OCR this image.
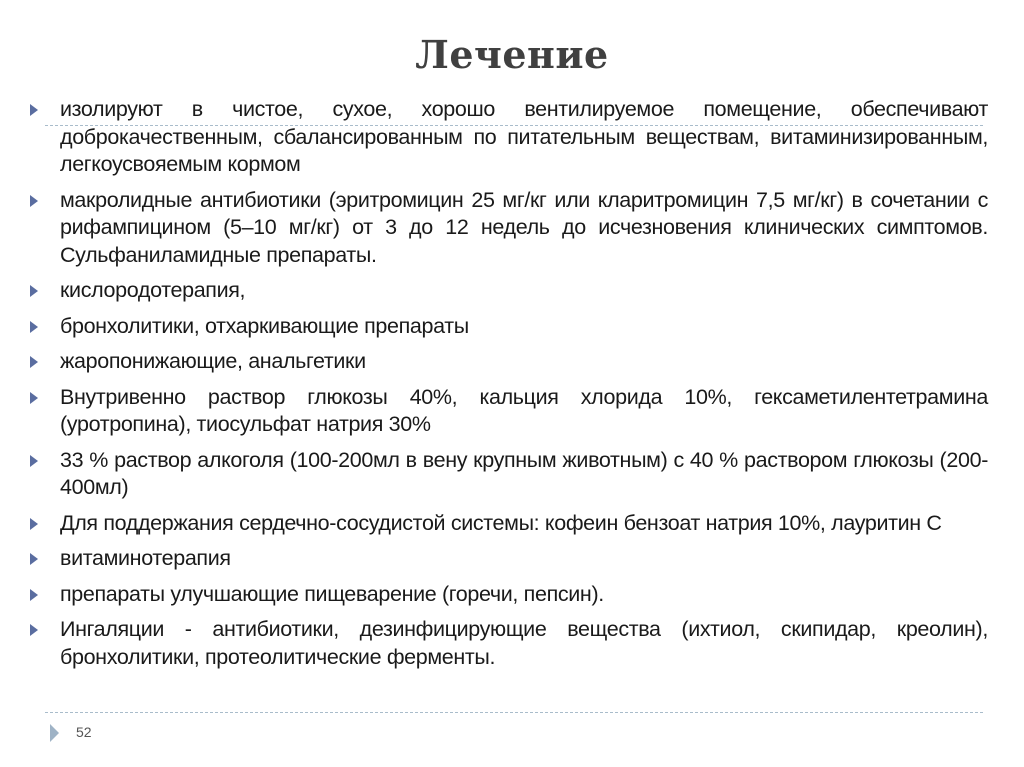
Лечение
изолируют в чистое, сухое, хорошо вентилируемое помещение, обеспечивают доброкачественным, сбалансированным по питательным веществам, витаминизированным, легкоусвояемым кормом
макролидные антибиотики (эритромицин 25 мг/кг или кларитромицин 7,5 мг/кг) в сочетании с рифампицином (5–10 мг/кг) от 3 до 12 недель до исчезновения клинических симптомов. Сульфаниламидные препараты.
кислородотерапия,
бронхолитики, отхаркивающие препараты
жаропонижающие, анальгетики
Внутривенно раствор глюкозы 40%, кальция хлорида 10%, гексаметилентетрамина (уротропина), тиосульфат натрия 30%
33 % раствор алкоголя (100-200мл в вену крупным животным) с 40 % раствором глюкозы (200-400мл)
Для поддержания сердечно-сосудистой системы: кофеин бензоат натрия 10%, лауритин С
витаминотерапия
препараты улучшающие пищеварение (горечи, пепсин).
Ингаляции - антибиотики, дезинфицирующие вещества (ихтиол, скипидар, креолин), бронхолитики, протеолитические ферменты.
52
